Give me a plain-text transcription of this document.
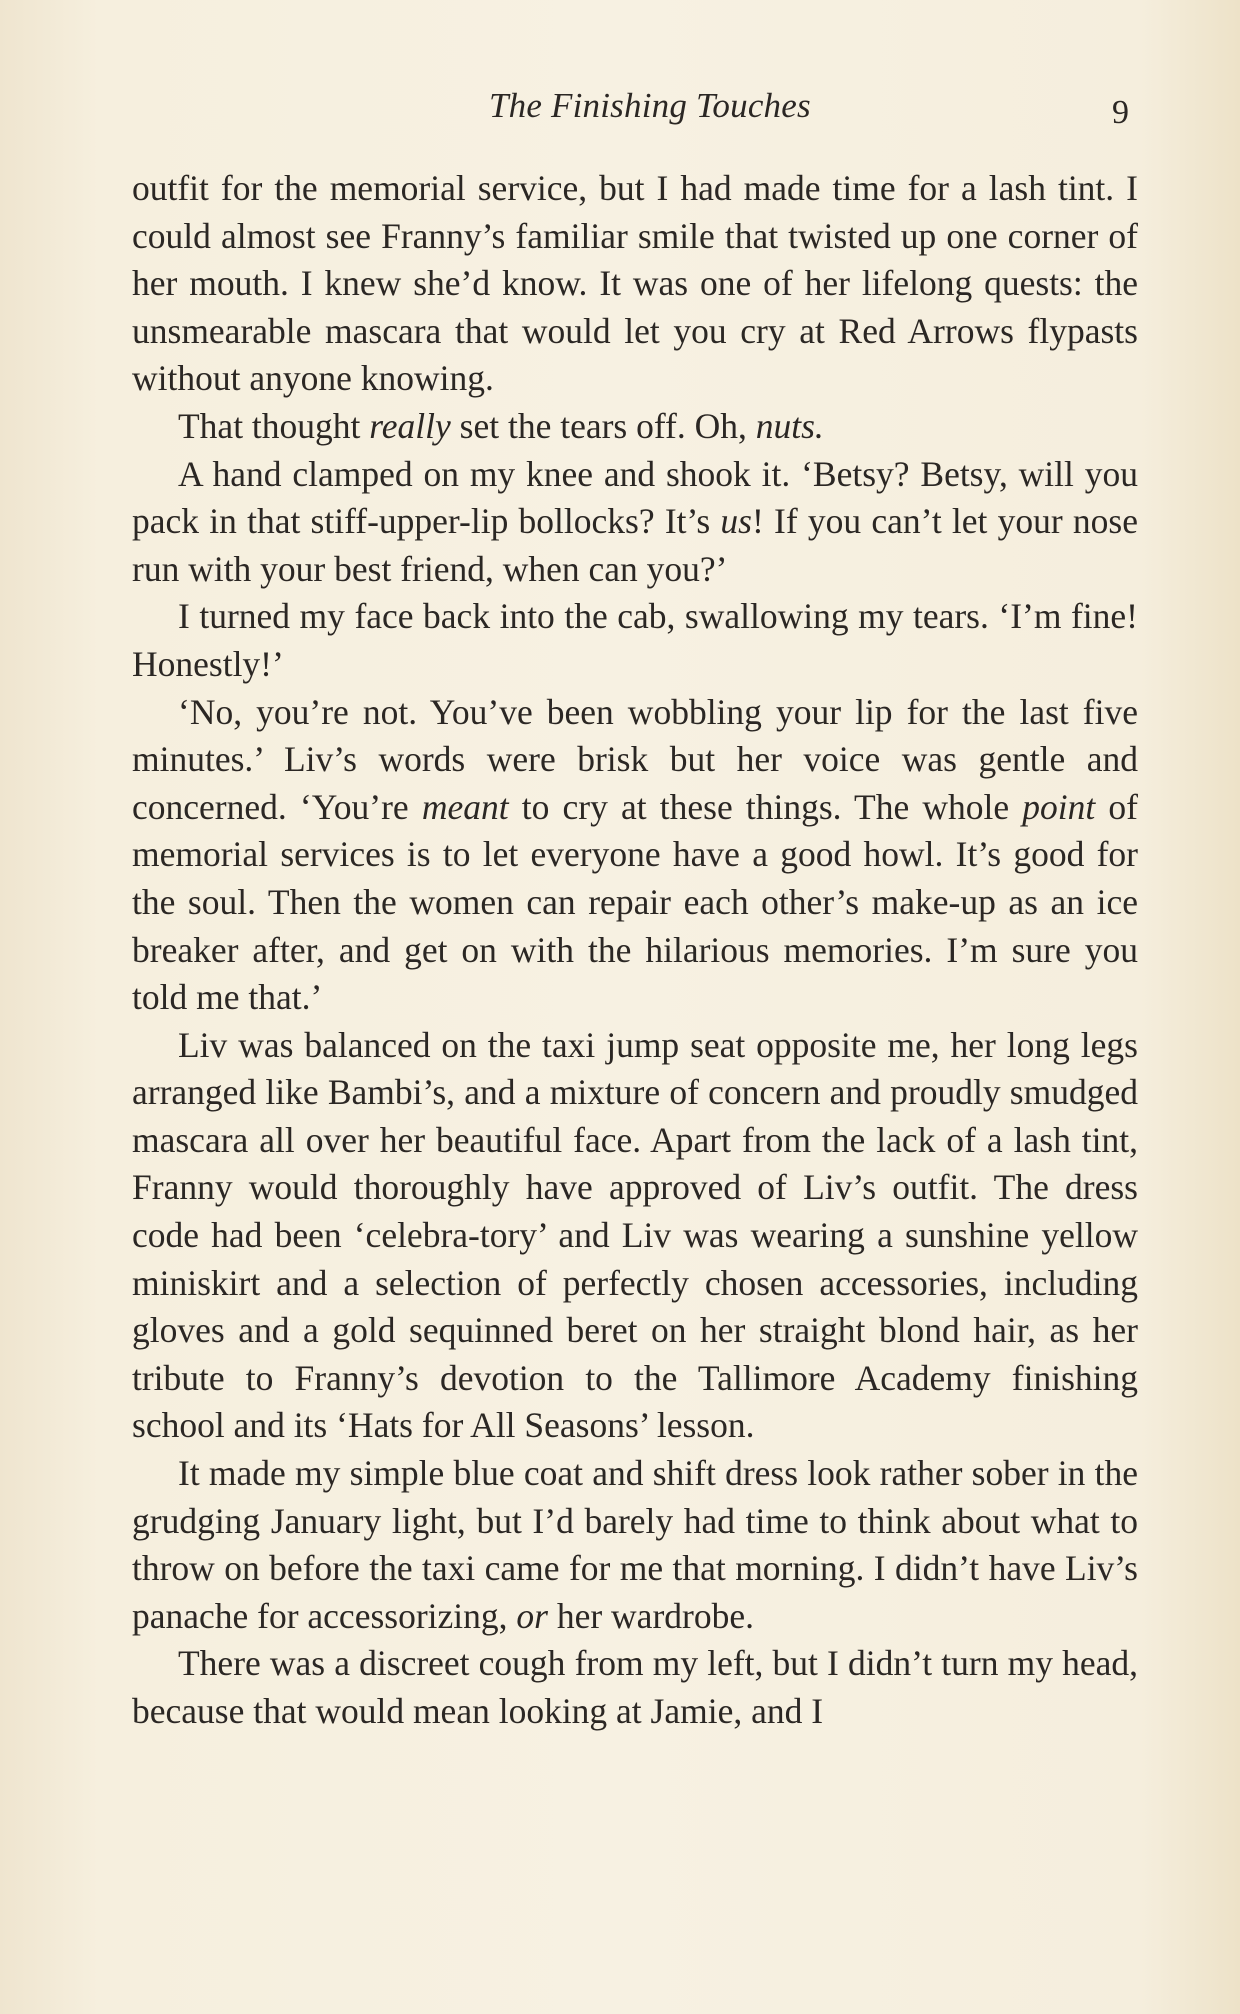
The Finishing Touches	9

outfit for the memorial service, but I had made time for a lash tint. I could almost see Franny’s familiar smile that twisted up one corner of her mouth. I knew she’d know. It was one of her lifelong quests: the unsmearable mascara that would let you cry at Red Arrows flypasts without anyone knowing.

That thought really set the tears off. Oh, nuts.

A hand clamped on my knee and shook it. ‘Betsy? Betsy, will you pack in that stiff-upper-lip bollocks? It’s us! If you can’t let your nose run with your best friend, when can you?’

I turned my face back into the cab, swallowing my tears. ‘I’m fine! Honestly!’

‘No, you’re not. You’ve been wobbling your lip for the last five minutes.’ Liv’s words were brisk but her voice was gentle and concerned. ‘You’re meant to cry at these things. The whole point of memorial services is to let everyone have a good howl. It’s good for the soul. Then the women can repair each other’s make-up as an ice breaker after, and get on with the hilarious memories. I’m sure you told me that.’

Liv was balanced on the taxi jump seat opposite me, her long legs arranged like Bambi’s, and a mixture of concern and proudly smudged mascara all over her beautiful face. Apart from the lack of a lash tint, Franny would thoroughly have approved of Liv’s outfit. The dress code had been ‘celebra-tory’ and Liv was wearing a sunshine yellow miniskirt and a selection of perfectly chosen accessories, including gloves and a gold sequinned beret on her straight blond hair, as her tribute to Franny’s devotion to the Tallimore Academy finishing school and its ‘Hats for All Seasons’ lesson.

It made my simple blue coat and shift dress look rather sober in the grudging January light, but I’d barely had time to think about what to throw on before the taxi came for me that morning. I didn’t have Liv’s panache for accessorizing, or her wardrobe.

There was a discreet cough from my left, but I didn’t turn my head, because that would mean looking at Jamie, and I
